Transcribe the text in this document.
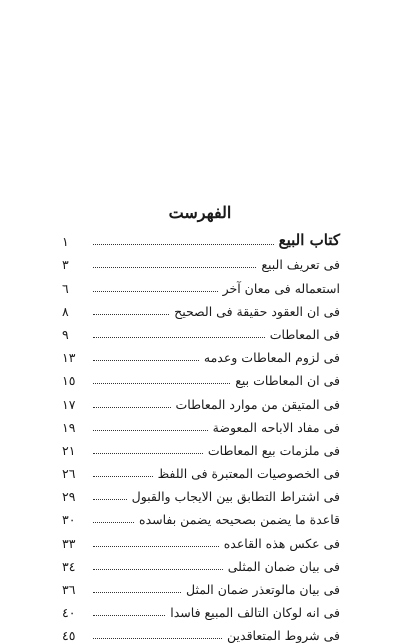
الفهرست
كتاب البيع
١
فى تعريف البيع
٣
استعماله فى معان آخر
٦
فى ان العقود حقيقة فى الصحيح
٨
فى المعاطات
٩
فى لزوم المعاطات وعدمه
١٣
فى ان المعاطات بيع
١٥
فى المتيقن من موارد المعاطات
١٧
فى مفاد الاباحه المعوضة
١٩
فى ملزمات بيع المعاطات
٢١
فى الخصوصيات المعتبرة فى اللفظ
٢٦
فى اشتراط التطابق بين الايجاب والقبول
٢٩
قاعدة ما يضمن بصحيحه يضمن بفاسده
٣٠
فى عكس هذه القاعده
٣٣
فى بيان ضمان المثلى
٣٤
فى بيان مالوتعذر ضمان المثل
٣٦
فى انه لوكان التالف المبيع فاسدا
٤٠
فى شروط المتعاقدين
٤٥
